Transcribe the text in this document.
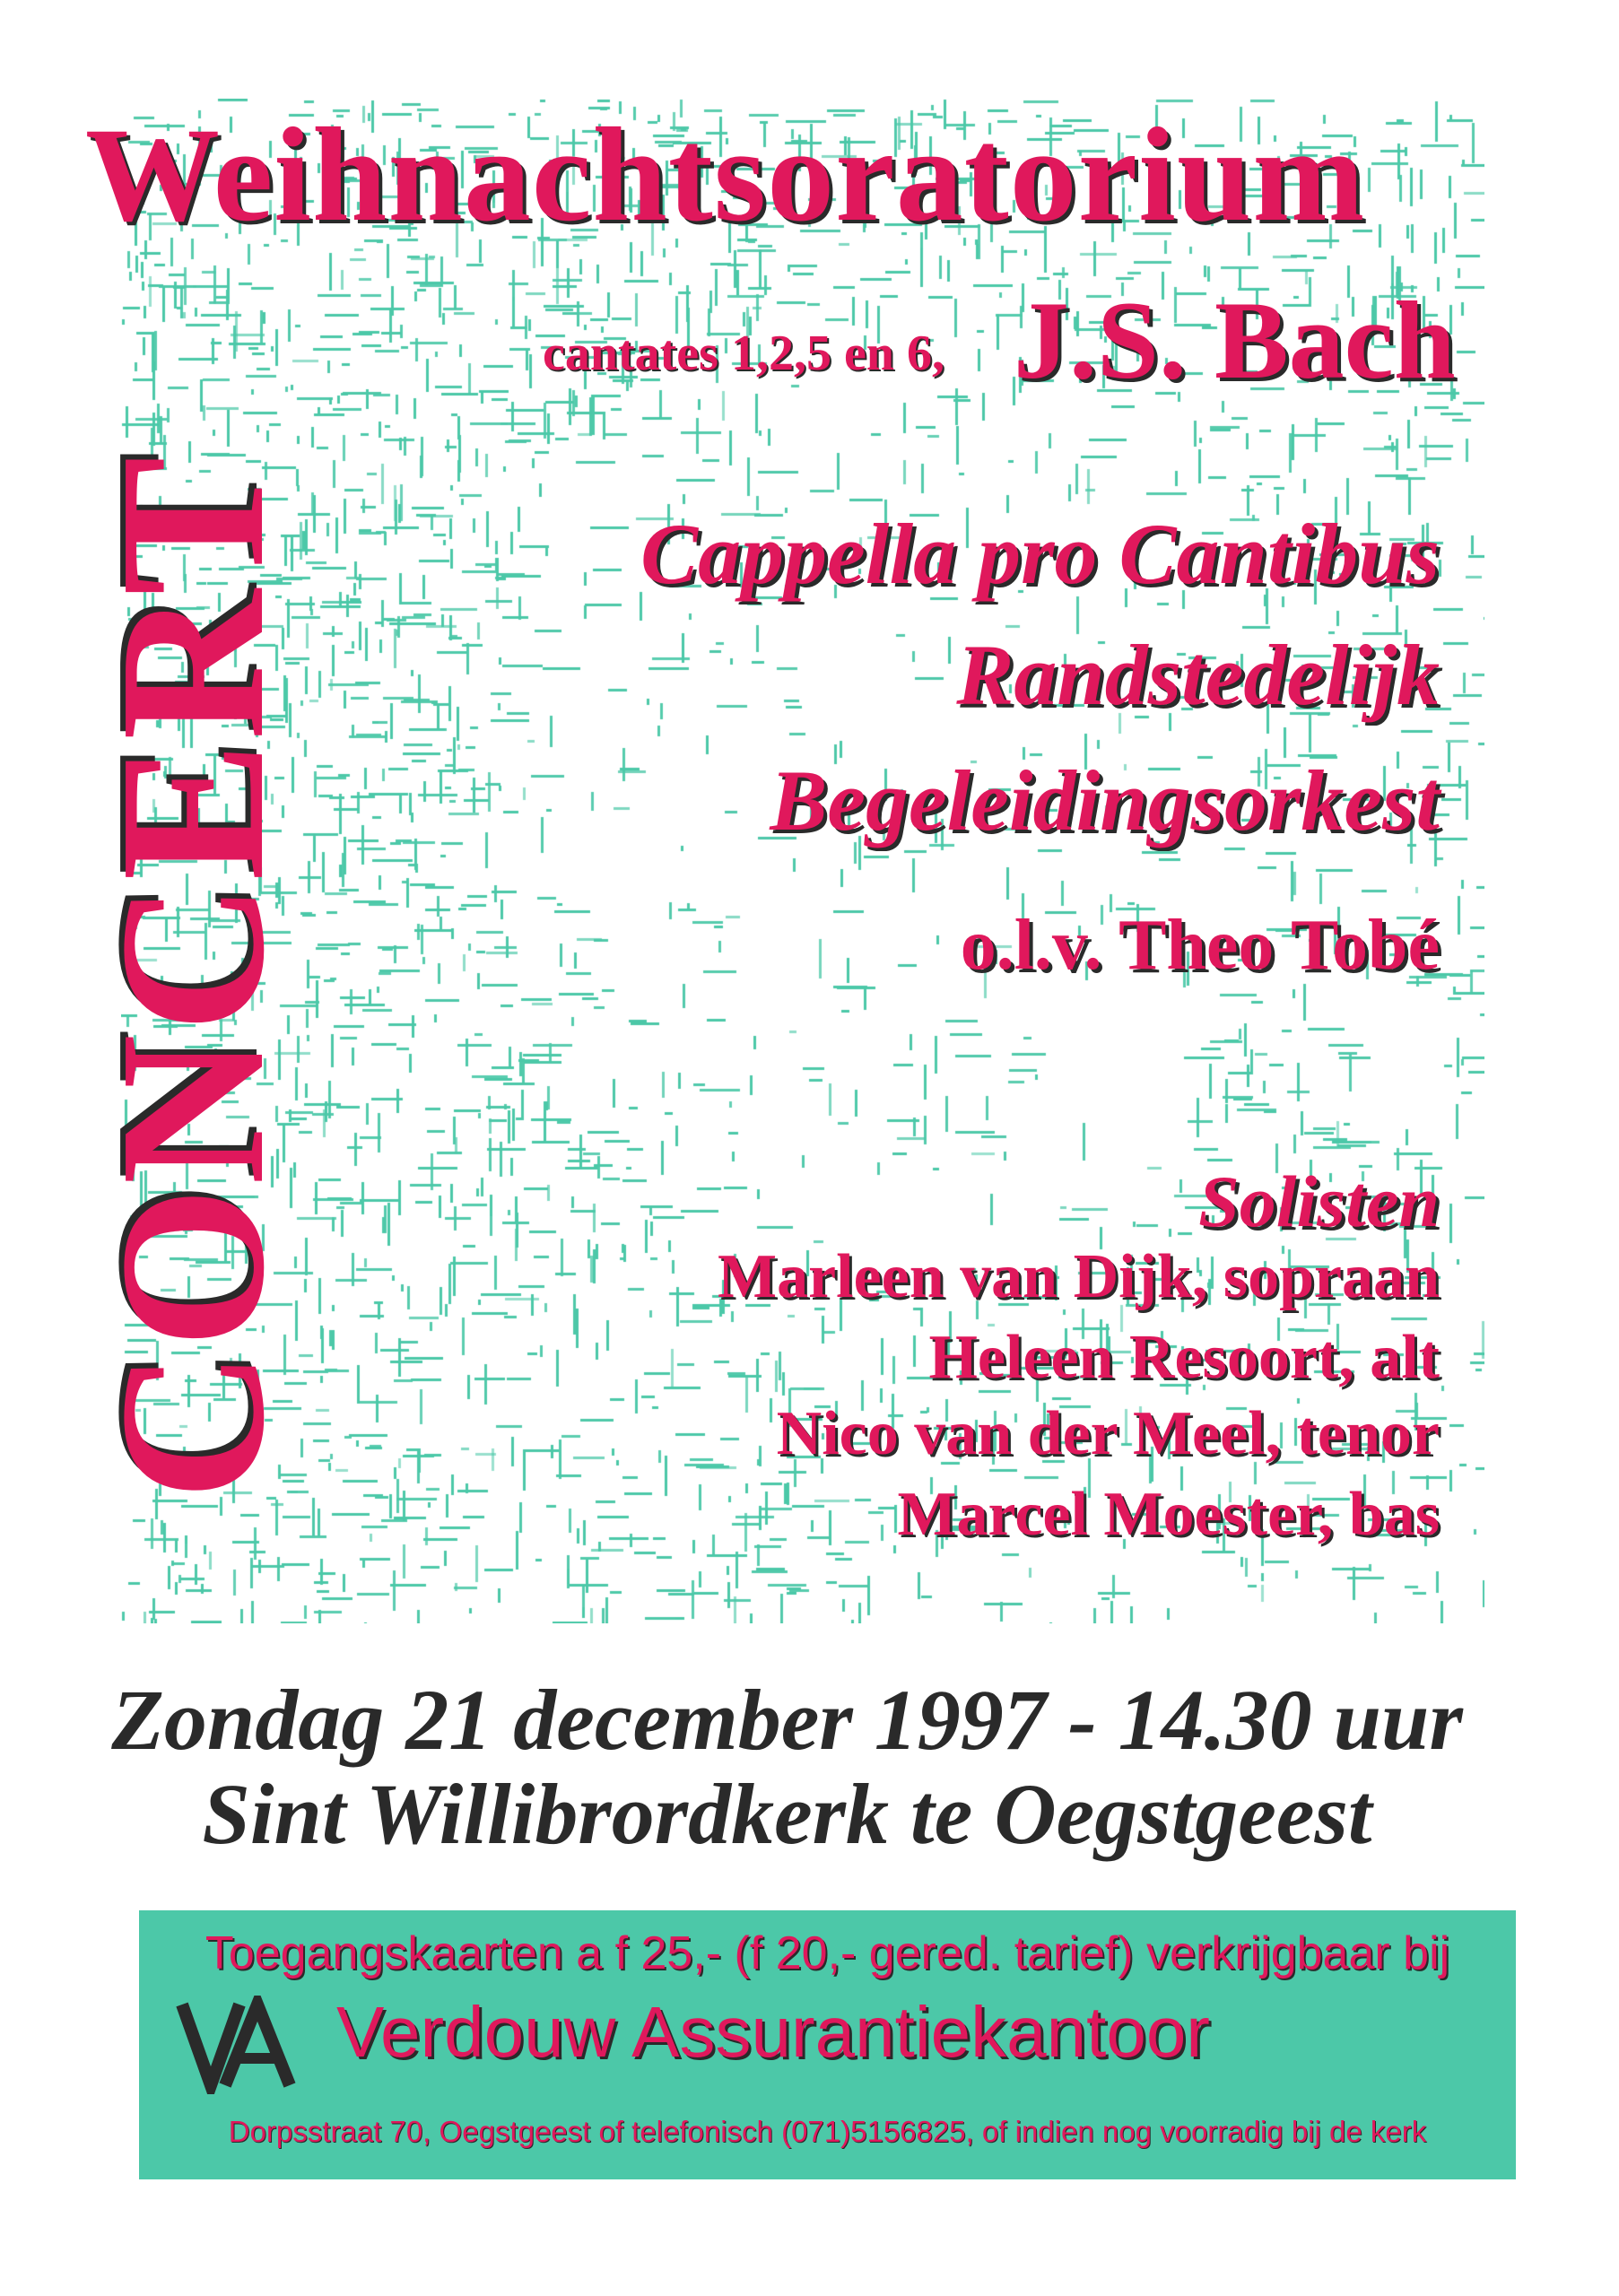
Weihnachtsoratorium
cantates 1,2,5 en 6, J.S. Bach
CONCERT	Cappella pro Cantibus
Randstedelijk
Begeleidingsorkest
o.l.v. Theo Tobé
Solisten
Marleen van Dijk, sopraan
Heleen Resoort, alt
Nico van der Meel, tenor
Marcel Moester, bas
Zondag 21 december 1997 - 14.30 uur
Sint Willibrordkerk te Oegstgeest
Toegangskaarten a f 25,- (f 20,- gered. tarief) verkrijgbaar bij
Verdouw Assurantiekantoor
Dorpsstraat 70, Oegstgeest of telefonisch (071)5156825, of indien nog voorradig bij de kerk
